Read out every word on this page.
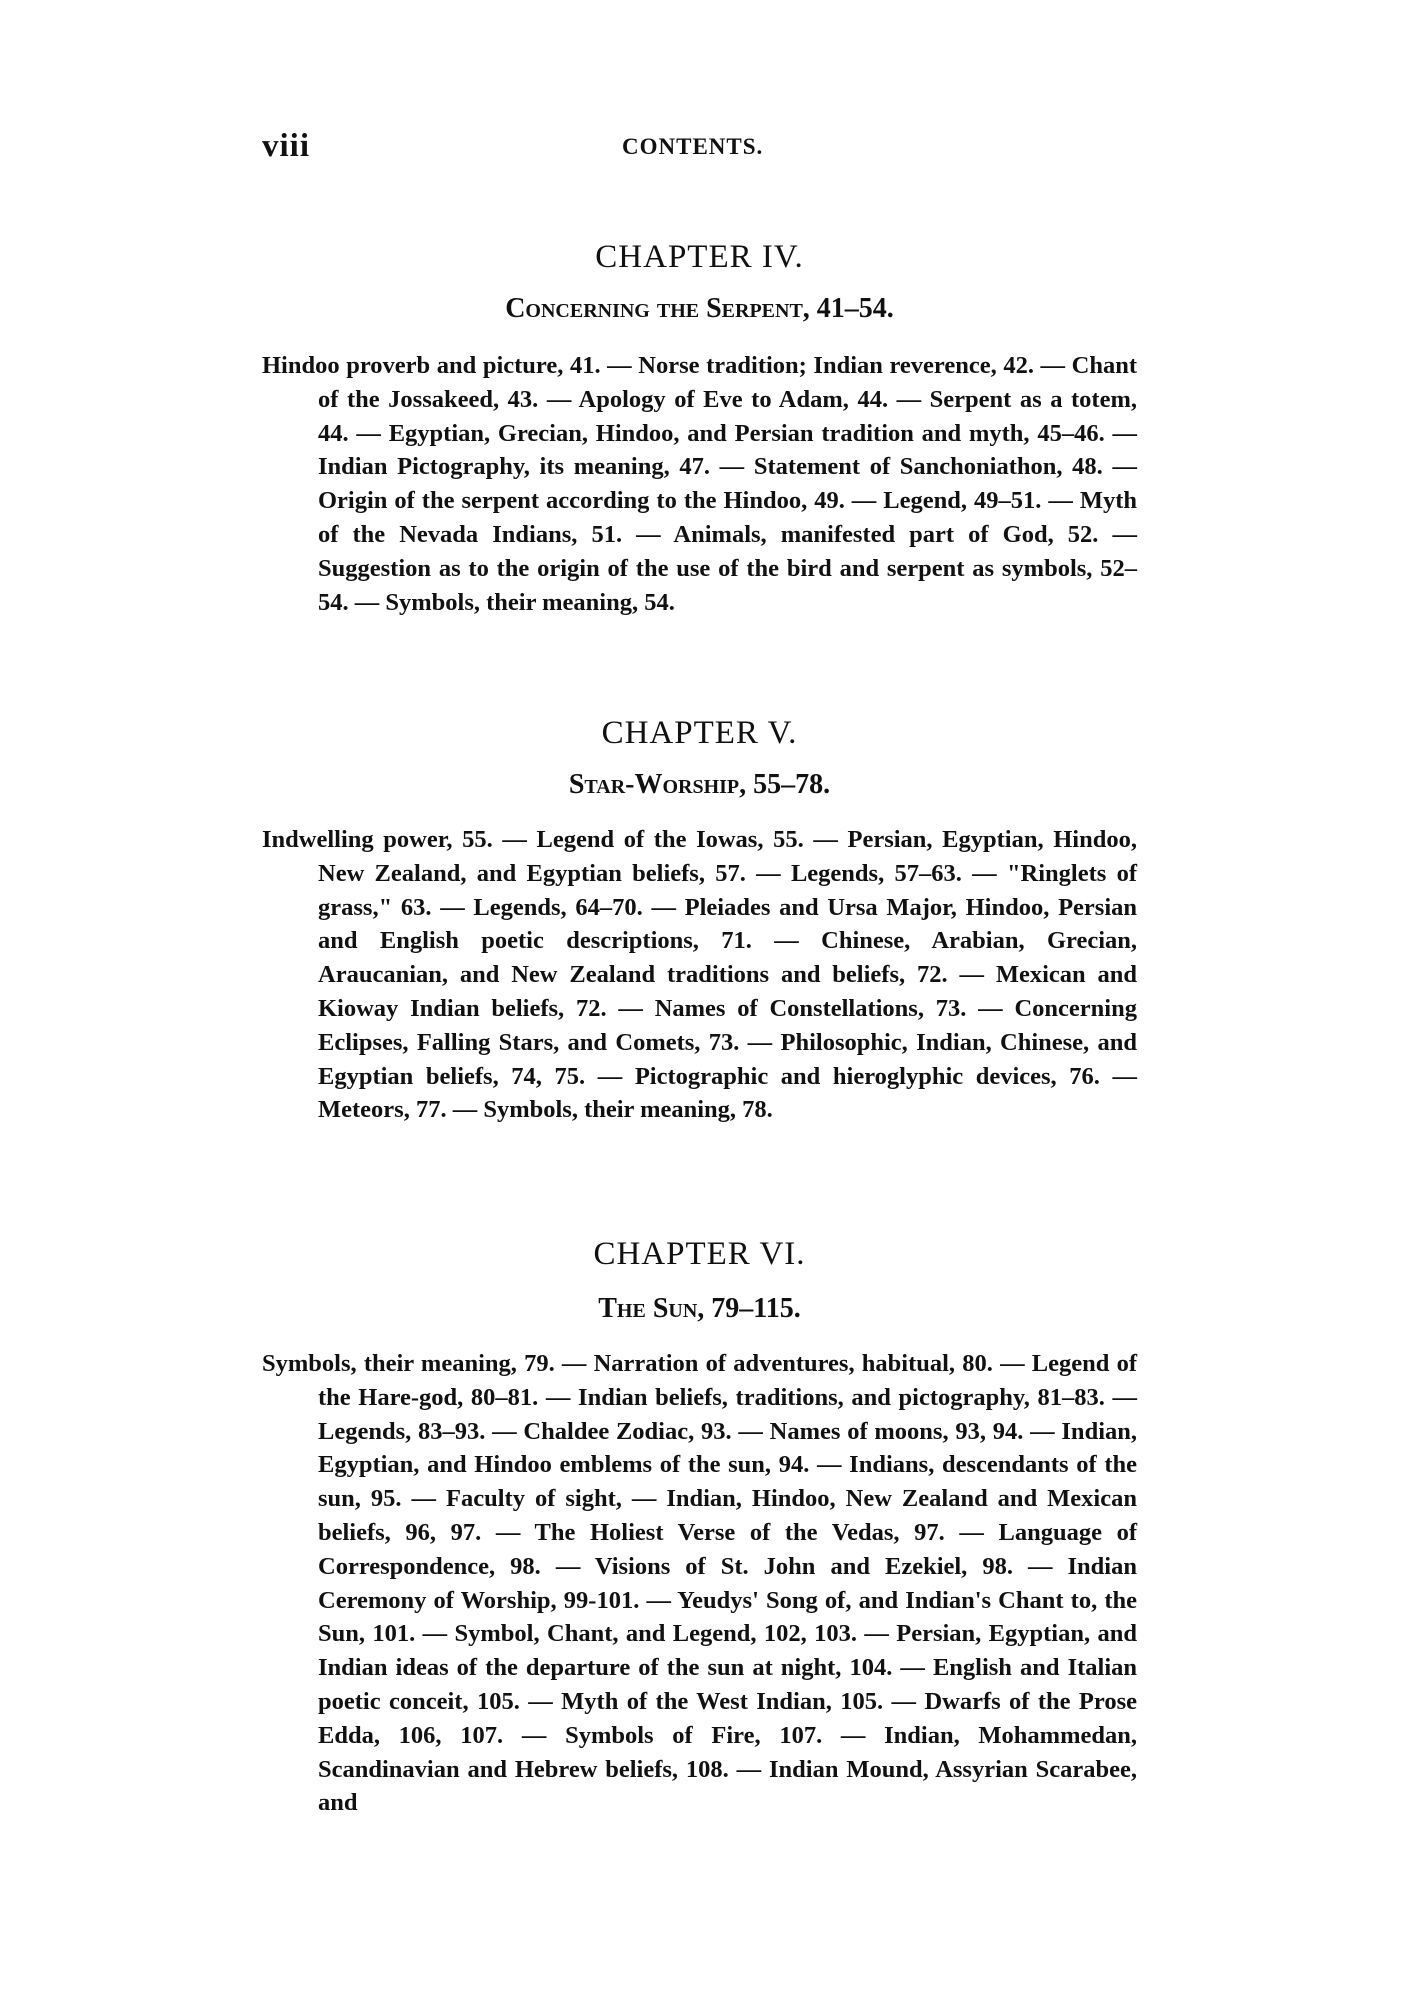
viii	CONTENTS.
CHAPTER IV.

Concerning the Serpent, 41–54.

Hindoo proverb and picture, 41. — Norse tradition; Indian reverence, 42. — Chant of the Jossakeed, 43. — Apology of Eve to Adam, 44. — Serpent as a totem, 44. — Egyptian, Grecian, Hindoo, and Persian tradition and myth, 45–46. — Indian Pictography, its meaning, 47. — Statement of Sanchoniathon, 48. — Origin of the serpent according to the Hindoo, 49. — Legend, 49–51. — Myth of the Nevada Indians, 51. — Animals, manifested part of God, 52. — Suggestion as to the origin of the use of the bird and serpent as symbols, 52–54. — Symbols, their meaning, 54.

CHAPTER V.

Star-Worship, 55–78.

Indwelling power, 55. — Legend of the Iowas, 55. — Persian, Egyptian, Hindoo, New Zealand, and Egyptian beliefs, 57. — Legends, 57–63. — "Ringlets of grass," 63. — Legends, 64–70. — Pleiades and Ursa Major, Hindoo, Persian and English poetic descriptions, 71. — Chinese, Arabian, Grecian, Araucanian, and New Zealand traditions and beliefs, 72. — Mexican and Kioway Indian beliefs, 72. — Names of Constellations, 73. — Concerning Eclipses, Falling Stars, and Comets, 73. — Philosophic, Indian, Chinese, and Egyptian beliefs, 74, 75. — Pictographic and hieroglyphic devices, 76. — Meteors, 77. — Symbols, their meaning, 78.

CHAPTER VI.

The Sun, 79–115.

Symbols, their meaning, 79. — Narration of adventures, habitual, 80. — Legend of the Hare-god, 80–81. — Indian beliefs, traditions, and pictography, 81–83. — Legends, 83–93. — Chaldee Zodiac, 93. — Names of moons, 93, 94. — Indian, Egyptian, and Hindoo emblems of the sun, 94. — Indians, descendants of the sun, 95. — Faculty of sight, — Indian, Hindoo, New Zealand and Mexican beliefs, 96, 97. — The Holiest Verse of the Vedas, 97. — Language of Correspondence, 98. — Visions of St. John and Ezekiel, 98. — Indian Ceremony of Worship, 99-101. — Yeudys' Song of, and Indian's Chant to, the Sun, 101. — Symbol, Chant, and Legend, 102, 103. — Persian, Egyptian, and Indian ideas of the departure of the sun at night, 104. — English and Italian poetic conceit, 105. — Myth of the West Indian, 105. — Dwarfs of the Prose Edda, 106, 107. — Symbols of Fire, 107. — Indian, Mohammedan, Scandinavian and Hebrew beliefs, 108. — Indian Mound, Assyrian Scarabee, and
